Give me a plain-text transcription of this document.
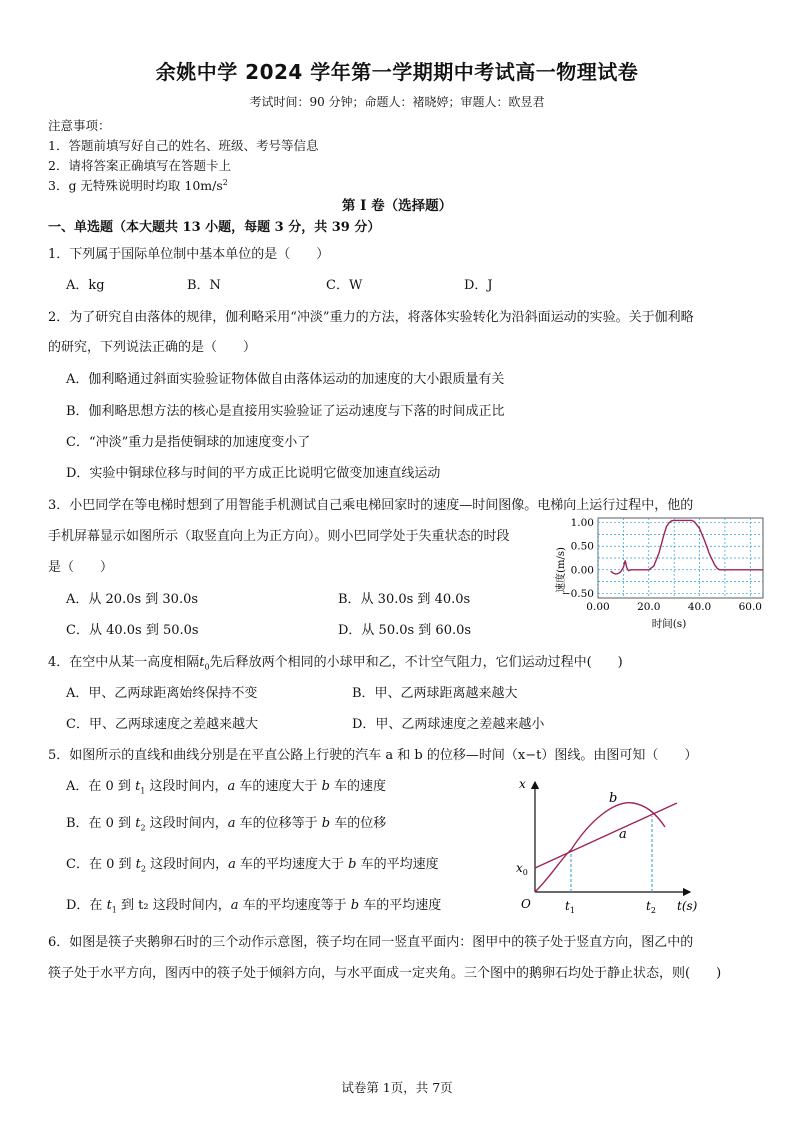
余姚中学 2024 学年第一学期期中考试高一物理试卷
考试时间：90 分钟；命题人：褚晓婷；审题人：欧昱君
注意事项：
1．答题前填写好自己的姓名、班级、考号等信息
2．请将答案正确填写在答题卡上
3．g 无特殊说明时均取 $10m/s^2$
第 I 卷（选择题）
一、单选题（本大题共 13 小题，每题 3 分，共 39 分）
1．下列属于国际单位制中基本单位的是（　　）
A．kg	B．N	C．W	D．J
2．为了研究自由落体的规律，伽利略采用“冲淡”重力的方法，将落体实验转化为沿斜面运动的实验。关于伽利略
的研究，下列说法正确的是（　　）
A．伽利略通过斜面实验验证物体做自由落体运动的加速度的大小跟质量有关
B．伽利略思想方法的核心是直接用实验验证了运动速度与下落的时间成正比
C．“冲淡”重力是指使铜球的加速度变小了
D．实验中铜球位移与时间的平方成正比说明它做变加速直线运动
3．小巴同学在等电梯时想到了用智能手机测试自己乘电梯回家时的速度—时间图像。电梯向上运行过程中，他的
手机屏幕显示如图所示（取竖直向上为正方向）。则小巴同学处于失重状态的时段
是（　　）
A．从 20.0s 到 30.0s	B．从 30.0s 到 40.0s
C．从 40.0s 到 50.0s	D．从 50.0s 到 60.0s
0.00	20.0	40.0	60.0
1.00
0.50
0.00
−0.50
时间(s)
速度(m/s)
4．在空中从某一高度相隔$t_0$先后释放两个相同的小球甲和乙，不计空气阻力，它们运动过程中(　　)
A．甲、乙两球距离始终保持不变	B．甲、乙两球距离越来越大
C．甲、乙两球速度之差越来越大	D．甲、乙两球速度之差越来越小
5．如图所示的直线和曲线分别是在平直公路上行驶的汽车 a 和 b 的位移—时间（x−t）图线。由图可知（　　）
A．在 0 到 $t_1$ 这段时间内，a 车的速度大于 b 车的速度
B．在 0 到 $t_2$ 这段时间内，a 车的位移等于 b 车的位移
C．在 0 到 $t_2$ 这段时间内，a 车的平均速度大于 b 车的平均速度
D．在 $t_1$ 到 t₂ 这段时间内，a 车的平均速度等于 b 车的平均速度
x
t(s)
O
$x_0$
$t_1$	$t_2$
b
a
6．如图是筷子夹鹅卵石时的三个动作示意图，筷子均在同一竖直平面内：图甲中的筷子处于竖直方向，图乙中的
筷子处于水平方向，图丙中的筷子处于倾斜方向，与水平面成一定夹角。三个图中的鹅卵石均处于静止状态，则(　　)
试卷第 1页，共 7页
